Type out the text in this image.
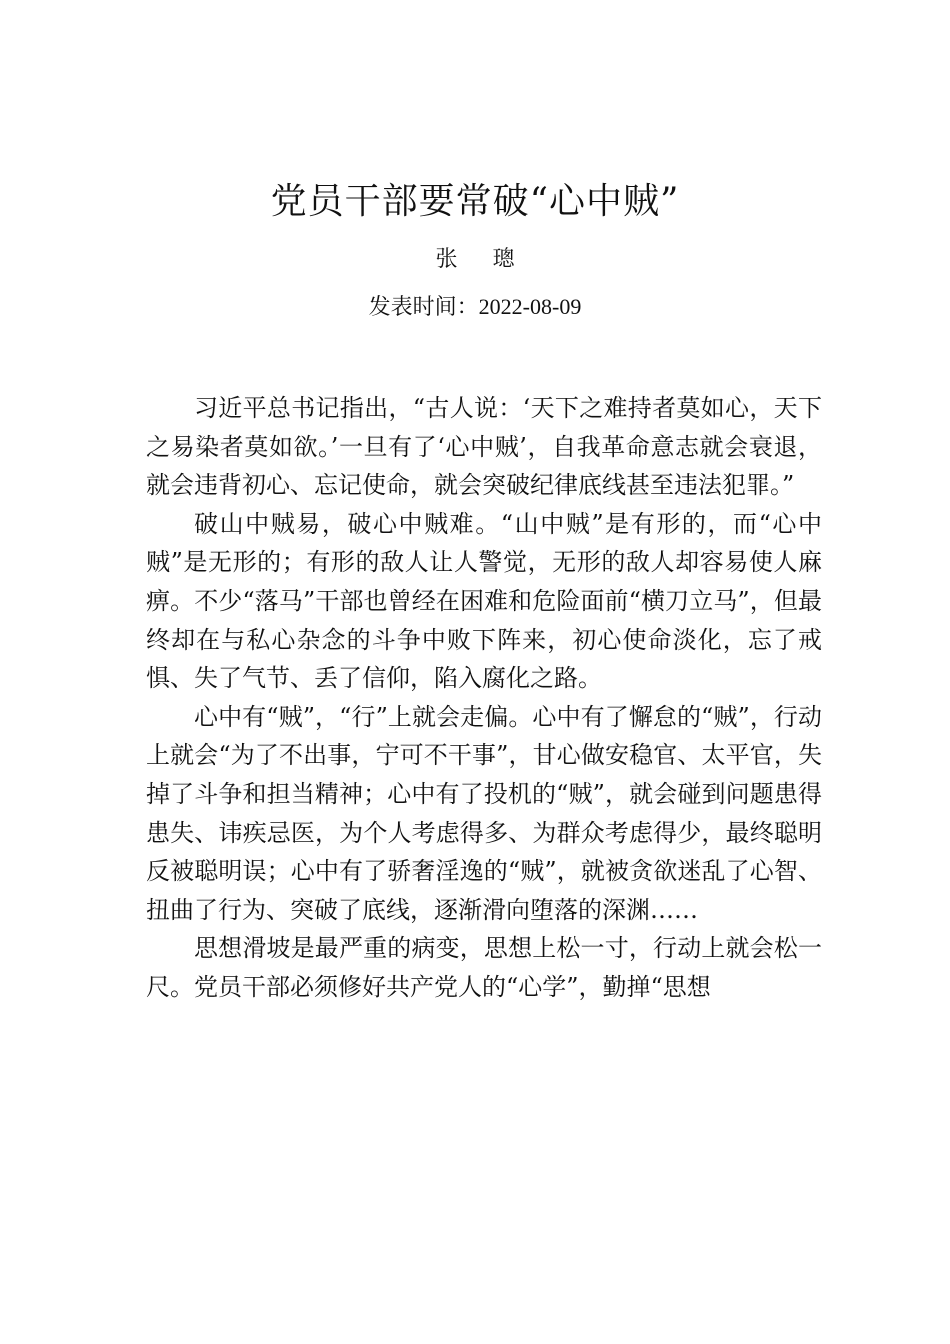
党员干部要常破“心中贼”
张 璁
发表时间：2022-08-09

习近平总书记指出，“古人说：‘天下之难持者莫如心，天下之易染者莫如欲。’一旦有了‘心中贼’，自我革命意志就会衰退，就会违背初心、忘记使命，就会突破纪律底线甚至违法犯罪。”

破山中贼易，破心中贼难。“山中贼”是有形的，而“心中贼”是无形的；有形的敌人让人警觉，无形的敌人却容易使人麻痹。不少“落马”干部也曾经在困难和危险面前“横刀立马”，但最终却在与私心杂念的斗争中败下阵来，初心使命淡化，忘了戒惧、失了气节、丢了信仰，陷入腐化之路。

心中有“贼”，“行”上就会走偏。心中有了懈怠的“贼”，行动上就会“为了不出事，宁可不干事”，甘心做安稳官、太平官，失掉了斗争和担当精神；心中有了投机的“贼”，就会碰到问题患得患失、讳疾忌医，为个人考虑得多、为群众考虑得少，最终聪明反被聪明误；心中有了骄奢淫逸的“贼”，就被贪欲迷乱了心智、扭曲了行为、突破了底线，逐渐滑向堕落的深渊……

思想滑坡是最严重的病变，思想上松一寸，行动上就会松一尺。党员干部必须修好共产党人的“心学”，勤掸“思想
